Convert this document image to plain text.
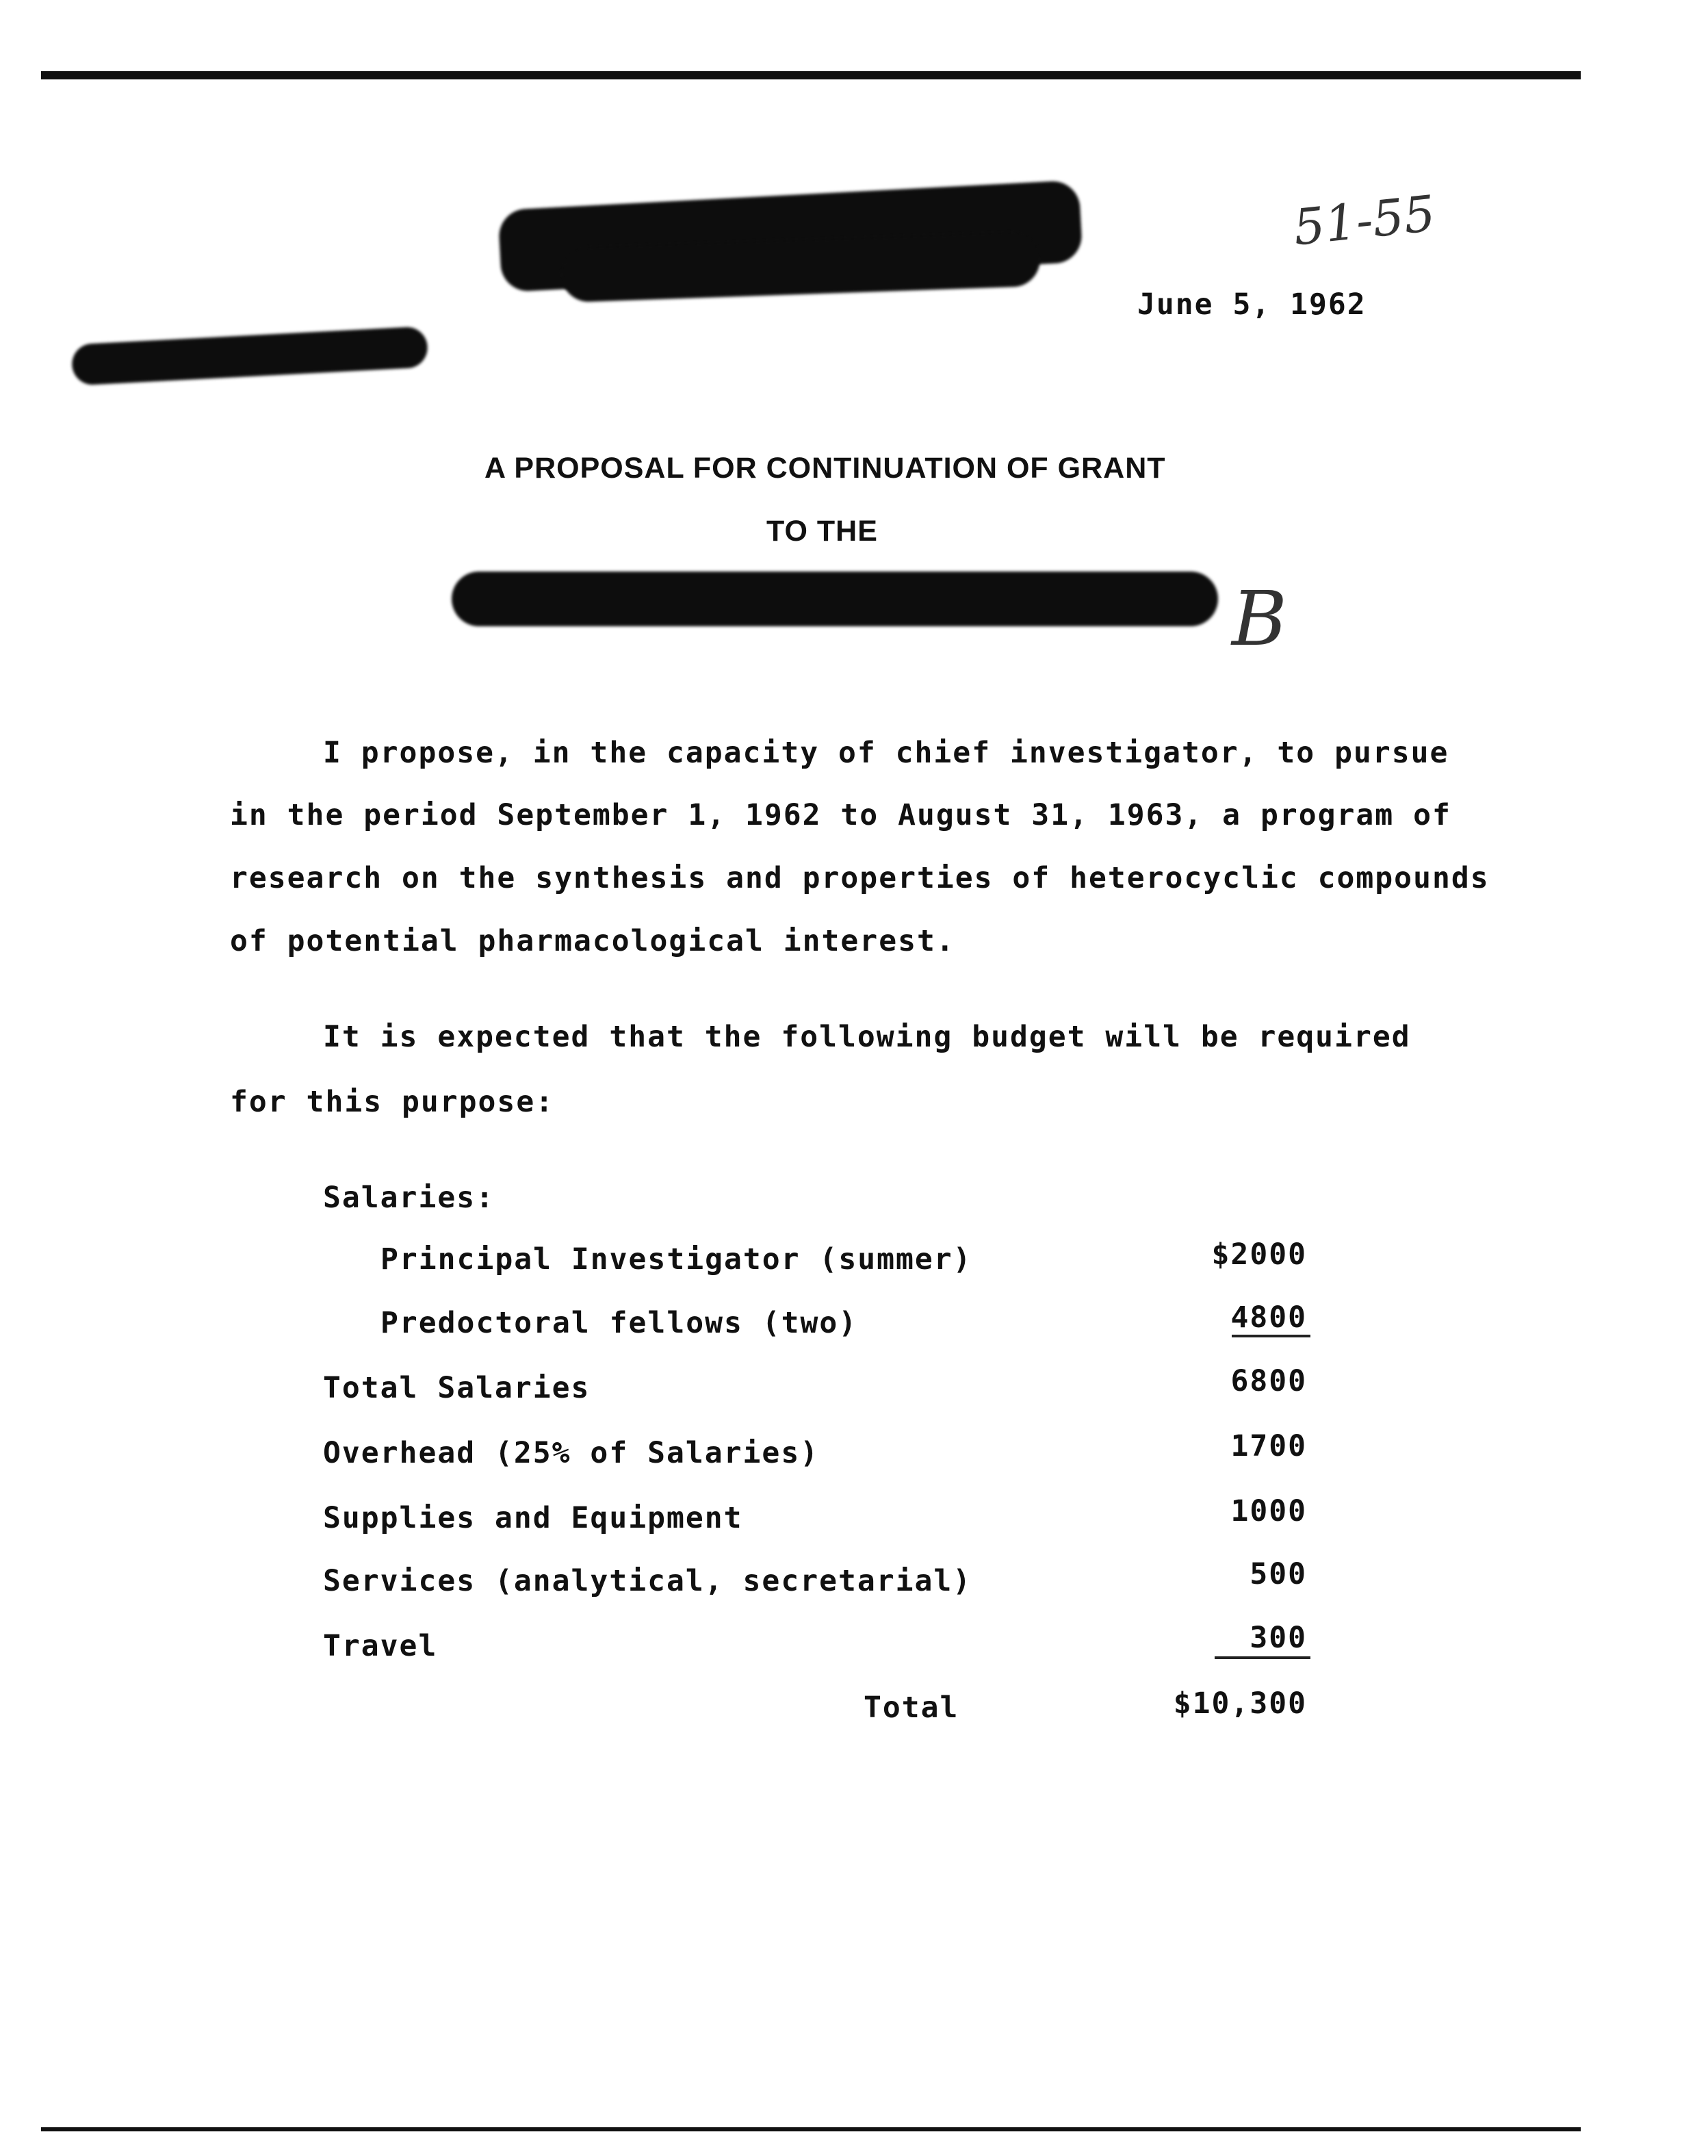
51-55
June 5, 1962
A PROPOSAL FOR CONTINUATION OF GRANT
TO THE
B
I propose, in the capacity of chief investigator, to pursue
in the period September 1, 1962 to August 31, 1963, a program of
research on the synthesis and properties of heterocyclic compounds
of potential pharmacological interest.
It is expected that the following budget will be required
for this purpose:
Salaries:
Principal Investigator (summer)	$2000
Predoctoral fellows (two)	4800
Total Salaries	6800
Overhead (25% of Salaries)	1700
Supplies and Equipment	1000
Services (analytical, secretarial)	500
Travel	300
Total	$10,300
